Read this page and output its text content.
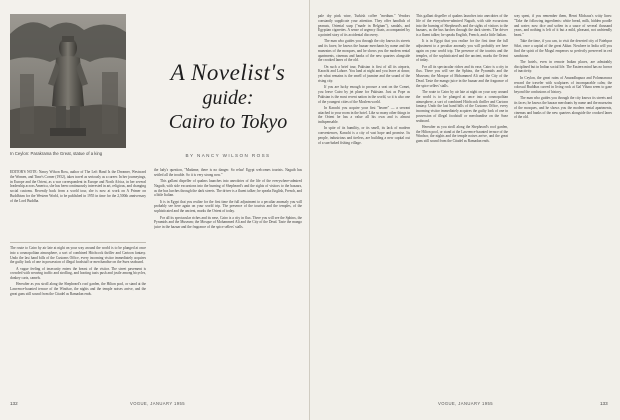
In Ceylon: Parakrama the Great, statue of a king
A Novelist's
guide:
Cairo to Tokyo
BY NANCY WILSON ROSS
EDITOR'S NOTE: Nancy Wilson Ross, author of The Left Hand Is the Dreamer, Westward the Women, and Time's Corner (1952), takes travel as seriously as a career. In her journeyings, in Europe and the Orient, as a war correspondent in Europe and North Africa, in her several leadership across America, she has been continuously interested in art, religious, and changing social customs. Recently back from a world tour, she is now at work on A Primer on Buddhism for the Western World, to be published in 1955 in time for the 2,500th anniversary of the Lord Buddha.

The route to Cairo by air late at night on your way around the world is to be plunged at once into a cosmopolitan atmosphere, a sort of combined Hitchcock thriller and Cartoon fantasy. Undo the last hand bills of the Customs Office, every incoming visitor immediately acquires the guilty look of one in possession of illegal foodstuff or merchandise on the Suez seaboard.

A vague feeling of insecurity enters the breast of the visitor. The street pavement is crowded with weaving traffic and strolling, and hooting taxis push and jostle among bicycles, donkey carts, camels.

Hereafter as you stroll along the Shepheard's roof garden, the Hilton pool, or stand at the Lawrence-haunted terrace of the Windsor, the nights and the temple noises arrive, and the great guns still sound from the Citadel as Ramadan ends.

the lady's question, "Madame, there is no danger. So relax! Egypt welcomes tourists. Naguib has settled all the trouble. So it is very strong now."

This gallant dispeller of qualms launches into anecdotes of the life of the everywhere-admired Naguib, with side excursions into the burning of Shepheard's and the sights of visitors to the bazaars, as the bus lurches through the dark streets. The driver is a fluent talker; he speaks English, French, and a little Italian.

It is in Egypt that you realize for the first time the full adjustment to a peculiar anomaly you will probably see here again on your world trip. The presence of the tourists and the temples, of the sophisticated and the ancient, marks the Orient of today.

For all its spectacular riches and its ease, Cairo is a city in flux. There you will see the Sphinx, the Pyramids and the Museum; the Mosque of Mohammed Ali and the City of the Dead. Taste the mango juice in the bazaar and the fragrance of the spice sellers' stalls.

132	VOGUE, JANUARY 1955

pale dry pink wine, Turkish coffee "medium." Vendors constantly supplicate your attention. They offer handfuls of peanuts, Oriental soap ("made in Belgium"), sandals, and Egyptian cigarettes. A sense of urgency floats, accompanied by a pointed story of its accidental discovery.

The man who guides you through the city knows its streets and its faces; he knows the bazaar merchants by name and the muezzins of the mosques, and he shows you the modern rental apartments, cinemas and banks of the new quarters alongside the crooked lanes of the old.

On such a brief tour, Pakistan is first of all its airports, Karachi and Lahore. You land at night and you leave at dawn; yet what remains is the smell of jasmine and the sound of the rising city.

If you are lucky enough to procure a seat on the Comet, you leave Cairo by jet plane for Pakistan. Just as Pope as Pakistan is the most recent nation in the world, so it is also one of the youngest cities of the Moslem world.

In Karachi you acquire your first "bearer" — a servant attached to your room in the hotel. Like so many other things in the Orient he has a value all his own and is almost indispensable.

In spite of its humility, or its smell, its lack of modern conveniences, Karachi is a city of vast hope and promise. Its people, industrious and tireless, are building a new capital out of a sun-baked fishing village.

This gallant dispeller of qualms launches into anecdotes of the life of the everywhere-admired Naguib, with side excursions into the burning of Shepheard's and the sights of visitors to the bazaars, as the bus lurches through the dark streets. The driver is a fluent talker; he speaks English, French, and a little Italian.

It is in Egypt that you realize for the first time the full adjustment to a peculiar anomaly you will probably see here again on your world trip. The presence of the tourists and the temples, of the sophisticated and the ancient, marks the Orient of today.

For all its spectacular riches and its ease, Cairo is a city in flux. There you will see the Sphinx, the Pyramids and the Museum; the Mosque of Mohammed Ali and the City of the Dead. Taste the mango juice in the bazaar and the fragrance of the spice sellers' stalls.

The route to Cairo by air late at night on your way around the world is to be plunged at once into a cosmopolitan atmosphere, a sort of combined Hitchcock thriller and Cartoon fantasy. Undo the last hand bills of the Customs Office, every incoming visitor immediately acquires the guilty look of one in possession of illegal foodstuff or merchandise on the Suez seaboard.

Hereafter as you stroll along the Shepheard's roof garden, the Hilton pool, or stand at the Lawrence-haunted terrace of the Windsor, the nights and the temple noises arrive, and the great guns still sound from the Citadel as Ramadan ends.

way spent, if you remember them, Henri Michaux's witty lines: "Take the following ingredients: white bread, milk, hidden poodle and water; now dice and soften in a sauce of several thousand years, and nothing is left of it but a mild, pleasant, not unfriendly beast."

Take the time, if you can, to visit the deserted city of Fatehpur Sikri, once a capital of the great Akbar. Nowhere in India will you find the spirit of the Mogul emperors so perfectly preserved in red sandstone.

The hotels, even in remote Indian places, are admirably disciplined but in Indian social life. The Eastern mind has no horror of inactivity.

In Ceylon, the great ruins of Anuradhapura and Polonnaruwa reward the traveler with sculptures of incomparable calm; the colossal Buddhas carved in living rock at Gal Vihara seem to gaze beyond the confusions of history.

The man who guides you through the city knows its streets and its faces; he knows the bazaar merchants by name and the muezzins of the mosques, and he shows you the modern rental apartments, cinemas and banks of the new quarters alongside the crooked lanes of the old.

VOGUE, JANUARY 1955	133
